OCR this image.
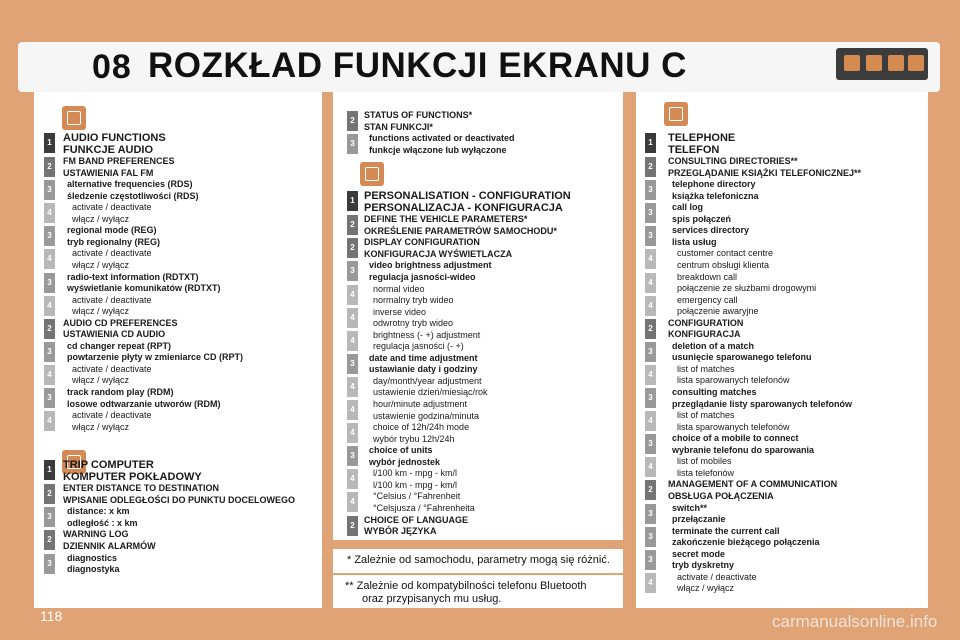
08 ROZKŁAD FUNKCJI EKRANU C
* Zależnie od samochodu, parametry mogą się różnić.
** Zależnie od kompatybilności telefonu Bluetooth
oraz przypisanych mu usług.
118	carmanualsonline.info
1 AUDIO FUNCTIONS
FUNKCJE AUDIO
2
FM BAND PREFERENCES
USTAWIENIA FAL FM
3
alternative frequencies (RDS)
śledzenie częstotliwości (RDS)
4
activate / deactivate
włącz / wyłącz
3
regional mode (REG)
tryb regionalny (REG)
4
activate / deactivate
włącz / wyłącz
3
radio-text information (RDTXT)
wyświetlanie komunikatów (RDTXT)
4
activate / deactivate
włącz / wyłącz
2
AUDIO CD PREFERENCES
USTAWIENIA CD AUDIO
3
cd changer repeat (RPT)
powtarzenie płyty w zmieniarce CD (RPT)
4
activate / deactivate
włącz / wyłącz
3
track random play (RDM)
losowe odtwarzanie utworów (RDM)
4
activate / deactivate
włącz / wyłącz
1 TRIP COMPUTER
KOMPUTER POKŁADOWY
2
ENTER DISTANCE TO DESTINATION
WPISANIE ODLEGŁOŚCI DO PUNKTU DOCELOWEGO
3
distance: x km
odległość : x km
2
WARNING LOG
DZIENNIK ALARMÓW
3
diagnostics
diagnostyka
2
STATUS OF FUNCTIONS*
STAN FUNKCJI*
3
functions activated or deactivated
funkcje włączone lub wyłączone
1 PERSONALISATION - CONFIGURATION
PERSONALIZACJA - KONFIGURACJA
2
DEFINE THE VEHICLE PARAMETERS*
OKREŚLENIE PARAMETRÓW SAMOCHODU*
2
DISPLAY CONFIGURATION
KONFIGURACJA WYŚWIETLACZA
3
video brightness adjustment
regulacja jasności-wideo
4
normal video
normalny tryb wideo
4
inverse video
odwrotny tryb wideo
4
brightness (- +) adjustment
regulacja jasności (- +)
3
date and time adjustment
ustawianie daty i godziny
4
day/month/year adjustment
ustawienie dzień/miesiąc/rok
4
hour/minute adjustment
ustawienie godzina/minuta
4
choice of 12h/24h mode
wybór trybu 12h/24h
3
choice of units
wybór jednostek
4
l/100 km - mpg - km/l
l/100 km - mpg - km/l
4
°Celsius / °Fahrenheit
°Celsjusza / °Fahrenheita
2
CHOICE OF LANGUAGE
WYBÓR JĘZYKA
1 TELEPHONE
TELEFON
2
CONSULTING DIRECTORIES**
PRZEGLĄDANIE KSIĄŻKI TELEFONICZNEJ**
3
telephone directory
książka telefoniczna
3
call log
spis połączeń
3
services directory
lista usług
4
customer contact centre
centrum obsługi klienta
4
breakdown call
połączenie ze służbami drogowymi
4
emergency call
połączenie awaryjne
2
CONFIGURATION
KONFIGURACJA
3
deletion of a match
usunięcie sparowanego telefonu
4
list of matches
lista sparowanych telefonów
3
consulting matches
przeglądanie listy sparowanych telefonów
4
list of matches
lista sparowanych telefonów
3
choice of a mobile to connect
wybranie telefonu do sparowania
4
list of mobiles
lista telefonów
2
MANAGEMENT OF A COMMUNICATION
OBSŁUGA POŁĄCZENIA
3
switch**
przełączanie
3
terminate the current call
zakończenie bieżącego połączenia
3
secret mode
tryb dyskretny
4
activate / deactivate
włącz / wyłącz
